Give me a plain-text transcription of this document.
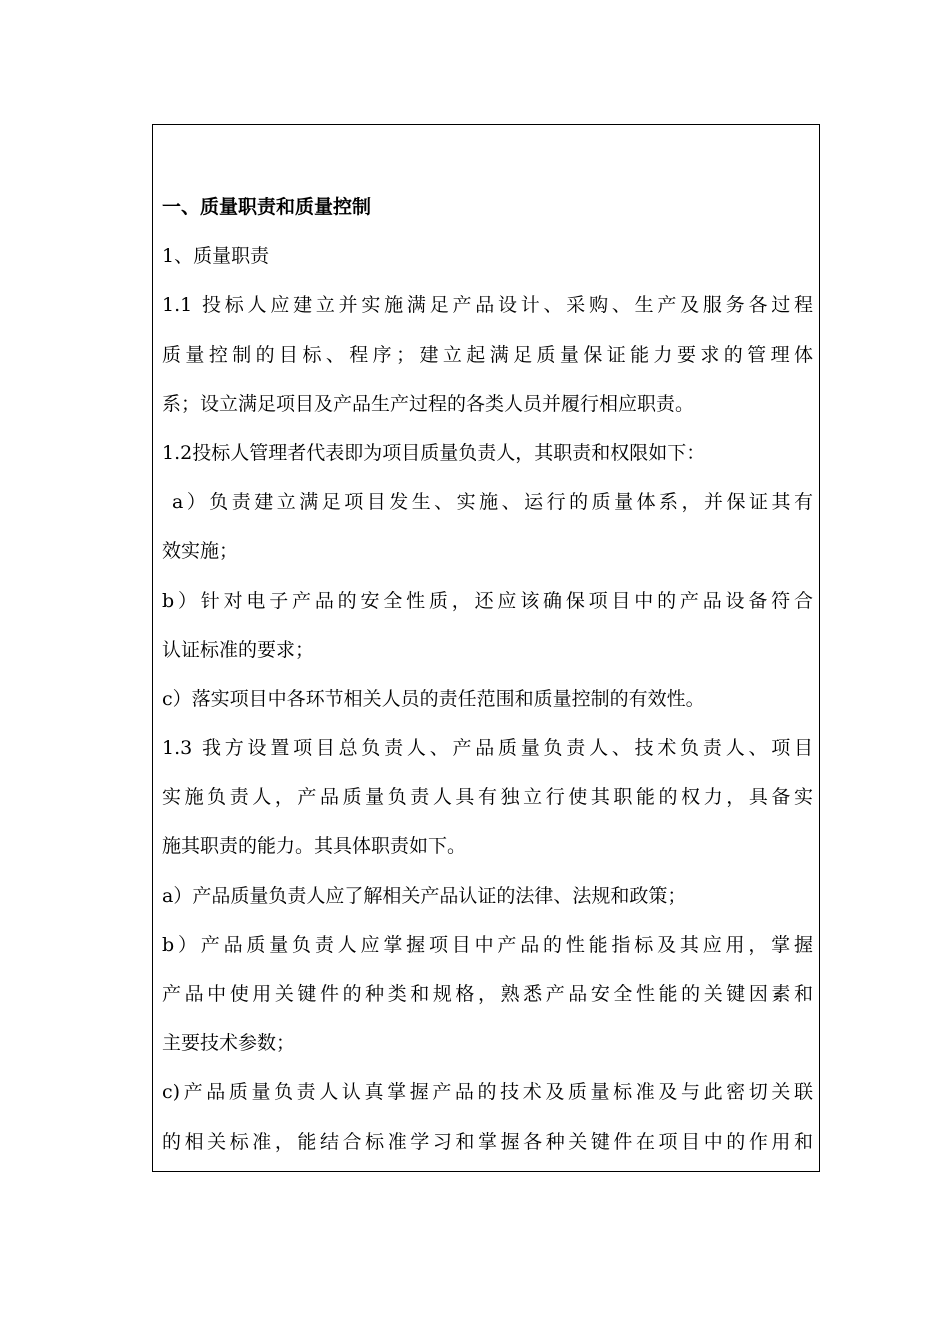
一、质量职责和质量控制
1、质量职责
1.1 投标人应建立并实施满足产品设计、采购、生产及服务各过程
质量控制的目标、程序；建立起满足质量保证能力要求的管理体
系；设立满足项目及产品生产过程的各类人员并履行相应职责。
1.2投标人管理者代表即为项目质量负责人，其职责和权限如下：
a）负责建立满足项目发生、实施、运行的质量体系，并保证其有
效实施；
b）针对电子产品的安全性质，还应该确保项目中的产品设备符合
认证标准的要求；
c）落实项目中各环节相关人员的责任范围和质量控制的有效性。
1.3 我方设置项目总负责人、产品质量负责人、技术负责人、项目
实施负责人，产品质量负责人具有独立行使其职能的权力，具备实
施其职责的能力。其具体职责如下。
a）产品质量负责人应了解相关产品认证的法律、法规和政策；
b）产品质量负责人应掌握项目中产品的性能指标及其应用，掌握
产品中使用关键件的种类和规格，熟悉产品安全性能的关键因素和
主要技术参数；
c)产品质量负责人认真掌握产品的技术及质量标准及与此密切关联
的相关标准，能结合标准学习和掌握各种关键件在项目中的作用和
